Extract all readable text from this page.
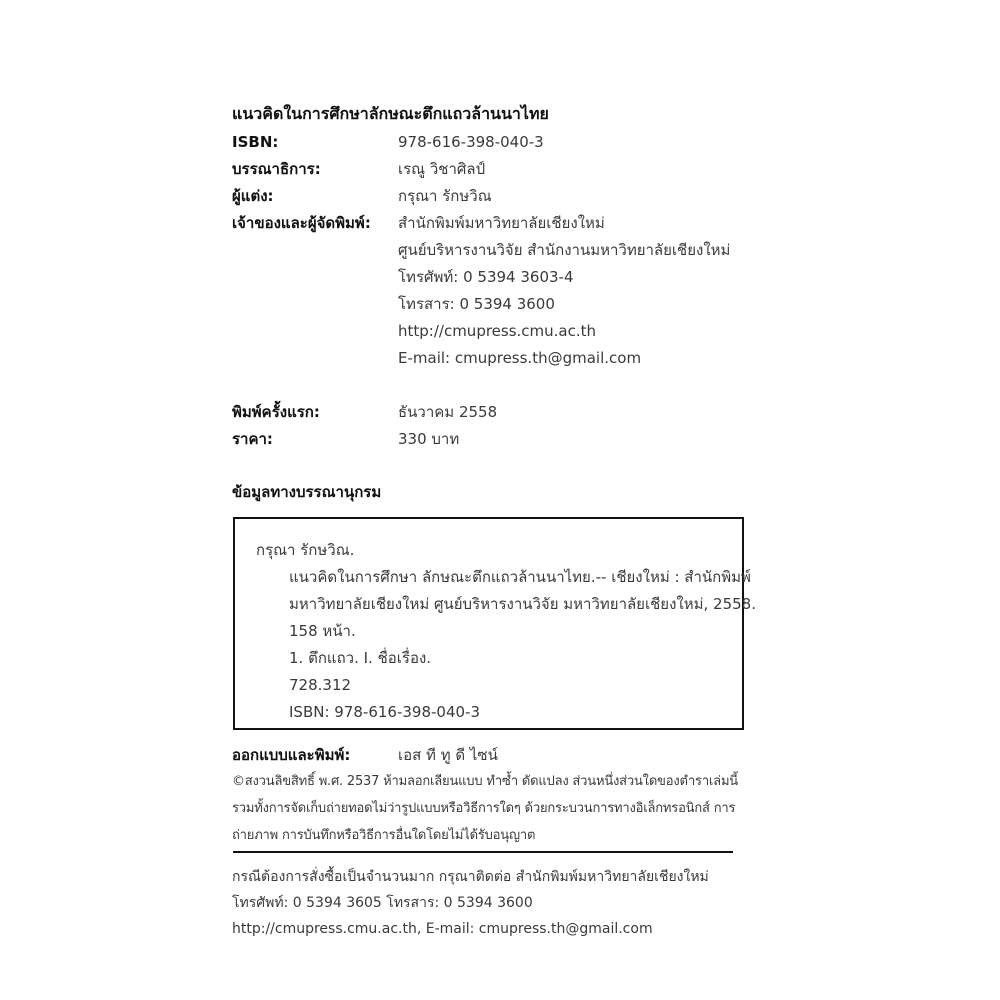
แนวคิดในการศึกษาลักษณะตึกแถวล้านนาไทย
ISBN:	978-616-398-040-3
บรรณาธิการ:	เรณู วิชาศิลป์
ผู้แต่ง:	กรุณา รักษวิณ
เจ้าของและผู้จัดพิมพ์: สำนักพิมพ์มหาวิทยาลัยเชียงใหม่
ศูนย์บริหารงานวิจัย สำนักงานมหาวิทยาลัยเชียงใหม่
โทรศัพท์: 0 5394 3603-4
โทรสาร: 0 5394 3600
http://cmupress.cmu.ac.th
E-mail: cmupress.th@gmail.com
พิมพ์ครั้งแรก:	ธันวาคม 2558
ราคา:	330 บาท
ข้อมูลทางบรรณานุกรม
กรุณา รักษวิณ.
แนวคิดในการศึกษา ลักษณะตึกแถวล้านนาไทย.-- เชียงใหม่ : สำนักพิมพ์
มหาวิทยาลัยเชียงใหม่ ศูนย์บริหารงานวิจัย มหาวิทยาลัยเชียงใหม่, 2558.
158 หน้า.
1. ตึกแถว. I. ชื่อเรื่อง.
728.312
ISBN: 978-616-398-040-3
ออกแบบและพิมพ์:	เอส ที ทู ดี ไซน์
©สงวนลิขสิทธิ์ พ.ศ. 2537 ห้ามลอกเลียนแบบ ทำซ้ำ ดัดแปลง ส่วนหนึ่งส่วนใดของตำราเล่มนี้
รวมทั้งการจัดเก็บถ่ายทอดไม่ว่ารูปแบบหรือวิธีการใดๆ ด้วยกระบวนการทางอิเล็กทรอนิกส์ การ
ถ่ายภาพ การบันทึกหรือวิธีการอื่นใดโดยไม่ได้รับอนุญาต
กรณีต้องการสั่งซื้อเป็นจำนวนมาก กรุณาติดต่อ สำนักพิมพ์มหาวิทยาลัยเชียงใหม่
โทรศัพท์: 0 5394 3605 โทรสาร: 0 5394 3600
http://cmupress.cmu.ac.th, E-mail: cmupress.th@gmail.com
